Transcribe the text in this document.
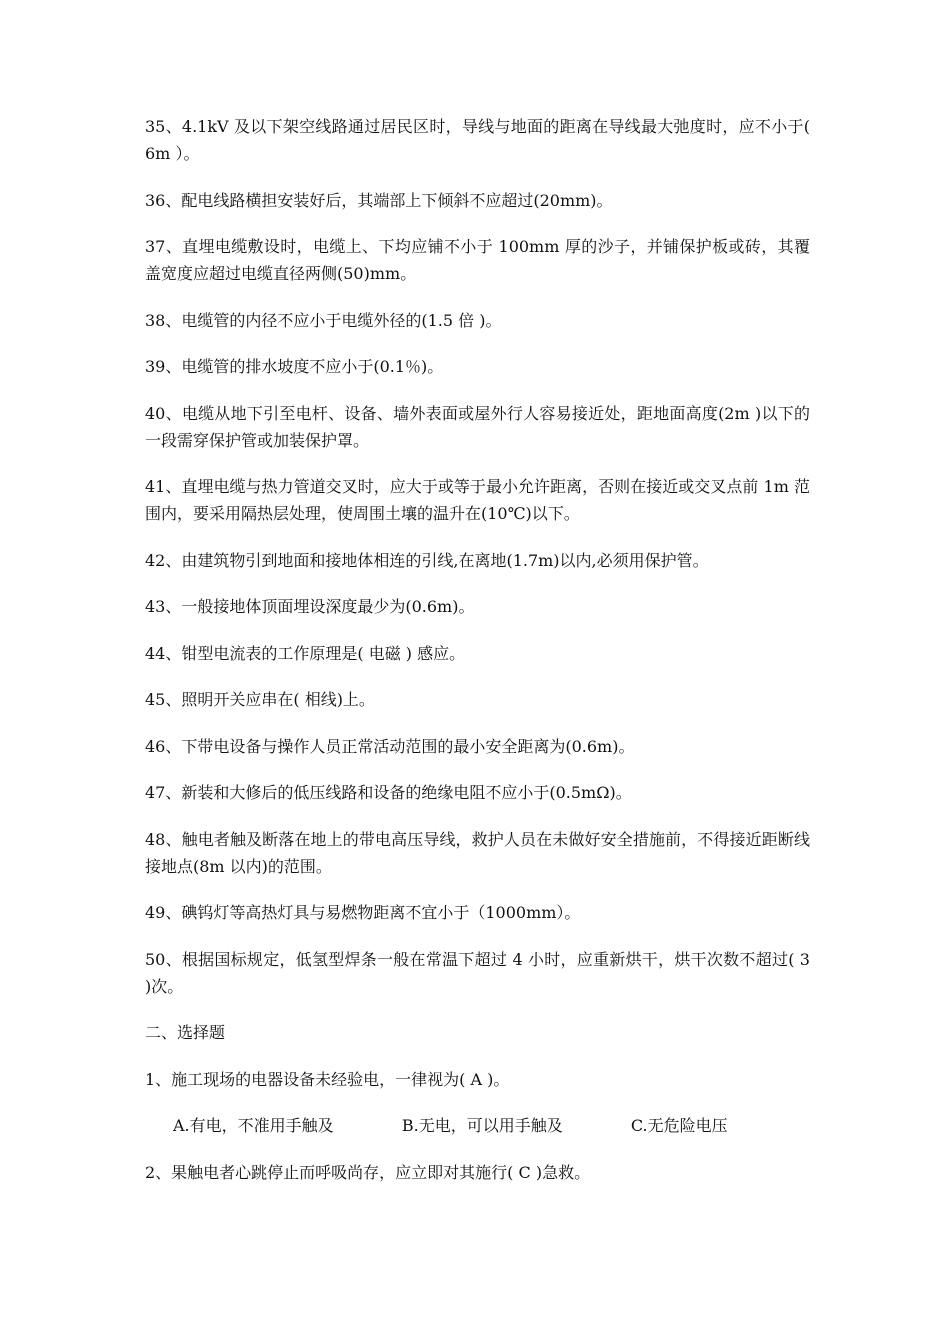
35、4.1kV 及以下架空线路通过居民区时，导线与地面的距离在导线最大弛度时，应不小于(　6m ）。

36、配电线路横担安装好后，其端部上下倾斜不应超过(20mm)。

37、直埋电缆敷设时，电缆上、下均应铺不小于 100mm 厚的沙子，并铺保护板或砖，其覆盖宽度应超过电缆直径两侧(50)mm。

38、电缆管的内径不应小于电缆外径的(1.5 倍 )。

39、电缆管的排水坡度不应小于(0.1％)。

40、电缆从地下引至电杆、设备、墙外表面或屋外行人容易接近处，距地面高度(2m )以下的一段需穿保护管或加装保护罩。

41、直埋电缆与热力管道交叉时，应大于或等于最小允许距离，否则在接近或交叉点前 1m 范围内，要采用隔热层处理，使周围土壤的温升在(10℃)以下。

42、由建筑物引到地面和接地体相连的引线,在离地(1.7m)以内,必须用保护管。

43、一般接地体顶面埋设深度最少为(0.6m)。

44、钳型电流表的工作原理是( 电磁 ) 感应。

45、照明开关应串在( 相线)上。

46、下带电设备与操作人员正常活动范围的最小安全距离为(0.6m)。

47、新装和大修后的低压线路和设备的绝缘电阻不应小于(0.5mΩ)。

48、触电者触及断落在地上的带电高压导线，救护人员在未做好安全措施前，不得接近距断线接地点(8m 以内)的范围。

49、碘钨灯等高热灯具与易燃物距离不宜小于（1000mm）。

50、根据国标规定，低氢型焊条一般在常温下超过 4 小时，应重新烘干，烘干次数不超过( 3 )次。

二、选择题

1、施工现场的电器设备未经验电，一律视为( A )。

A.有电，不准用手触及	B.无电，可以用手触及	C.无危险电压

2、果触电者心跳停止而呼吸尚存，应立即对其施行( C )急救。
